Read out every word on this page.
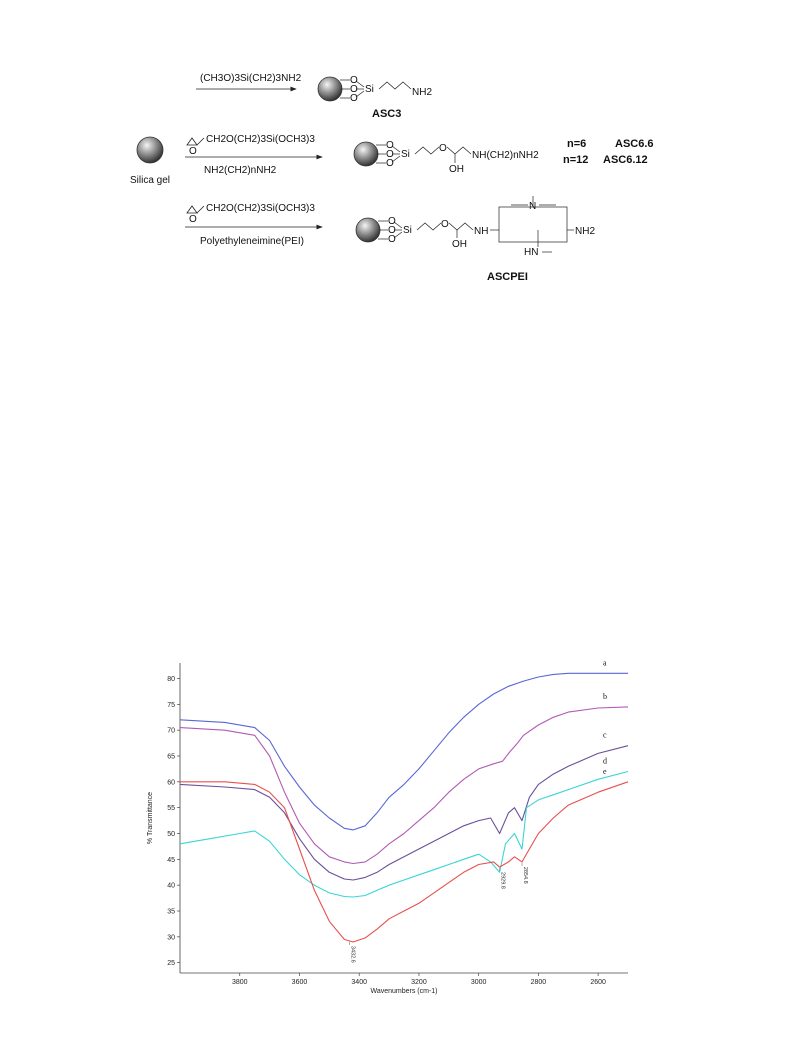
Silica gel
(CH3O)3Si(CH2)3NH2	O
O
O
Si	NH2
ASC3
O
CH2O(CH2)3Si(OCH3)3
NH2(CH2)nNH2
O
O
O
Si
O
OH
NH(CH2)nNH2
n=6	ASC6.6
n=12 ASC6.12
O
CH2O(CH2)3Si(OCH3)3
Polyethyleneimine(PEI)
O
O
O
Si
O
OH
NH
N
NH2
HN
ASCPEI
25
30
35
40
45
50
55
60
65
70
75
80
3800	3600	3400	3200	3000	2800	2600
% Transmittance
Wavenumbers (cm-1)
a
b
c
d
e
3432.6
2929.8	2854.8
